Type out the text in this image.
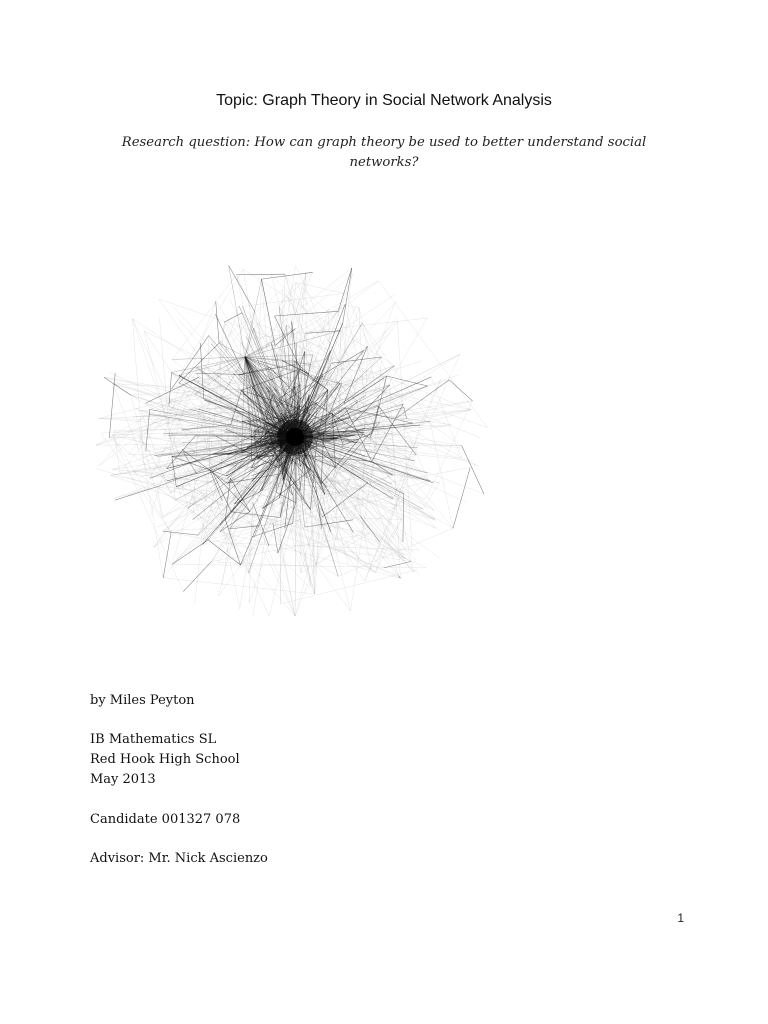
Topic: Graph Theory in Social Network Analysis
Research question: How can graph theory be used to better understand social
networks?
by Miles Peyton
IB Mathematics SL
Red Hook High School
May 2013
Candidate 001327 078
Advisor: Mr. Nick Ascienzo
1
